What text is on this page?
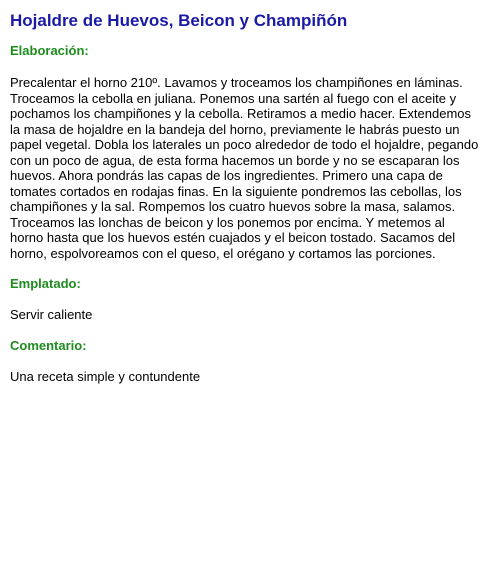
Hojaldre de Huevos, Beicon y Champiñón
Elaboración:

Precalentar el horno 210º. Lavamos y troceamos los champiñones en láminas. Troceamos la cebolla en juliana. Ponemos una sartén al fuego con el aceite y pochamos los champiñones y la cebolla. Retiramos a medio hacer. Extendemos la masa de hojaldre en la bandeja del horno, previamente le habrás puesto un papel vegetal. Dobla los laterales un poco alrededor de todo el hojaldre, pegando con un poco de agua, de esta forma hacemos un borde y no se escaparan los huevos. Ahora pondrás las capas de los ingredientes. Primero una capa de tomates cortados en rodajas finas. En la siguiente pondremos las cebollas, los champiñones y la sal. Rompemos los cuatro huevos sobre la masa, salamos. Troceamos las lonchas de beicon y los ponemos por encima. Y metemos al horno hasta que los huevos estén cuajados y el beicon tostado. Sacamos del horno, espolvoreamos con el queso, el orégano y cortamos las porciones.

Emplatado:

Servir caliente

Comentario:

Una receta simple y contundente
